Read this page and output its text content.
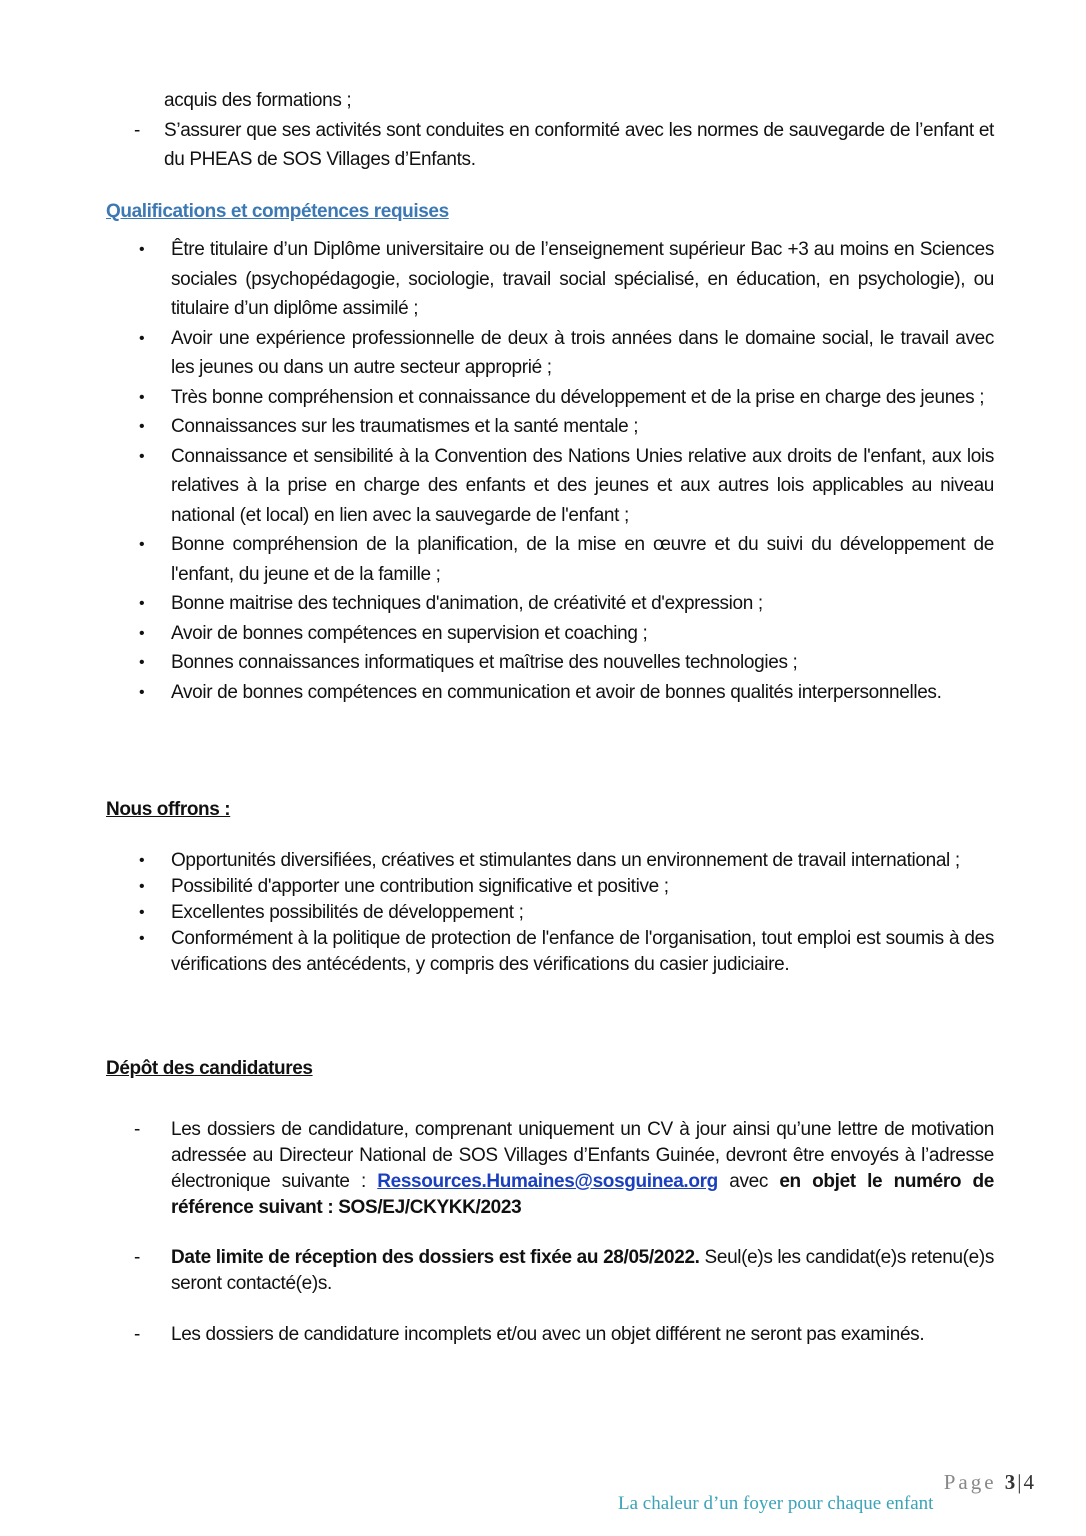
acquis des formations ;
- S’assurer que ses activités sont conduites en conformité avec les normes de sauvegarde de l’enfant et du PHEAS de SOS Villages d’Enfants.
Qualifications et compétences requises
• Être titulaire d’un Diplôme universitaire ou de l’enseignement supérieur Bac +3 au moins en Sciences sociales (psychopédagogie, sociologie, travail social spécialisé, en éducation, en psychologie), ou titulaire d’un diplôme assimilé ;
• Avoir une expérience professionnelle de deux à trois années dans le domaine social, le travail avec les jeunes ou dans un autre secteur approprié ;
• Très bonne compréhension et connaissance du développement et de la prise en charge des jeunes ;
• Connaissances sur les traumatismes et la santé mentale ;
• Connaissance et sensibilité à la Convention des Nations Unies relative aux droits de l'enfant, aux lois relatives à la prise en charge des enfants et des jeunes et aux autres lois applicables au niveau national (et local) en lien avec la sauvegarde de l'enfant ;
• Bonne compréhension de la planification, de la mise en œuvre et du suivi du développement de l'enfant, du jeune et de la famille ;
• Bonne maitrise des techniques d'animation, de créativité et d'expression ;
• Avoir de bonnes compétences en supervision et coaching ;
• Bonnes connaissances informatiques et maîtrise des nouvelles technologies ;
• Avoir de bonnes compétences en communication et avoir de bonnes qualités interpersonnelles.
Nous offrons :
• Opportunités diversifiées, créatives et stimulantes dans un environnement de travail international ;
• Possibilité d'apporter une contribution significative et positive ;
• Excellentes possibilités de développement ;
• Conformément à la politique de protection de l'enfance de l'organisation, tout emploi est soumis à des vérifications des antécédents, y compris des vérifications du casier judiciaire.
Dépôt des candidatures
- Les dossiers de candidature, comprenant uniquement un CV à jour ainsi qu’une lettre de motivation adressée au Directeur National de SOS Villages d’Enfants Guinée, devront être envoyés à l’adresse électronique suivante : Ressources.Humaines@sosguinea.org avec en objet le numéro de référence suivant : SOS/EJ/CKYKK/2023
- Date limite de réception des dossiers est fixée au 28/05/2022. Seul(e)s les candidat(e)s retenu(e)s seront contacté(e)s.
- Les dossiers de candidature incomplets et/ou avec un objet différent ne seront pas examinés.
Page 3|4
La chaleur d’un foyer pour chaque enfant
